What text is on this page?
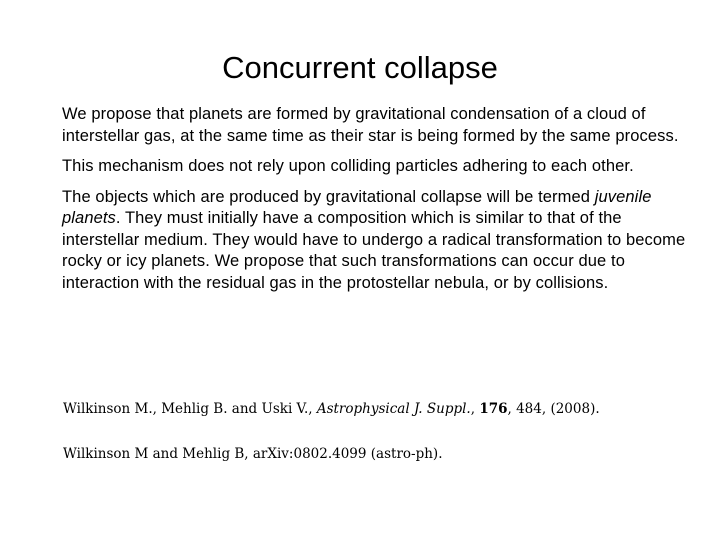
Concurrent collapse

We propose that planets are formed by gravitational condensation of a cloud of interstellar gas, at the same time as their star is being formed by the same process.

This mechanism does not rely upon colliding particles adhering to each other.

The objects which are produced by gravitational collapse will be termed juvenile planets. They must initially have a composition which is similar to that of the interstellar medium. They would have to undergo a radical transformation to become rocky or icy planets. We propose that such transformations can occur due to interaction with the residual gas in the protostellar nebula, or by collisions.

Wilkinson M., Mehlig B. and Uski V., Astrophysical J. Suppl., 176, 484, (2008).

Wilkinson M and Mehlig B, arXiv:0802.4099 (astro-ph).
